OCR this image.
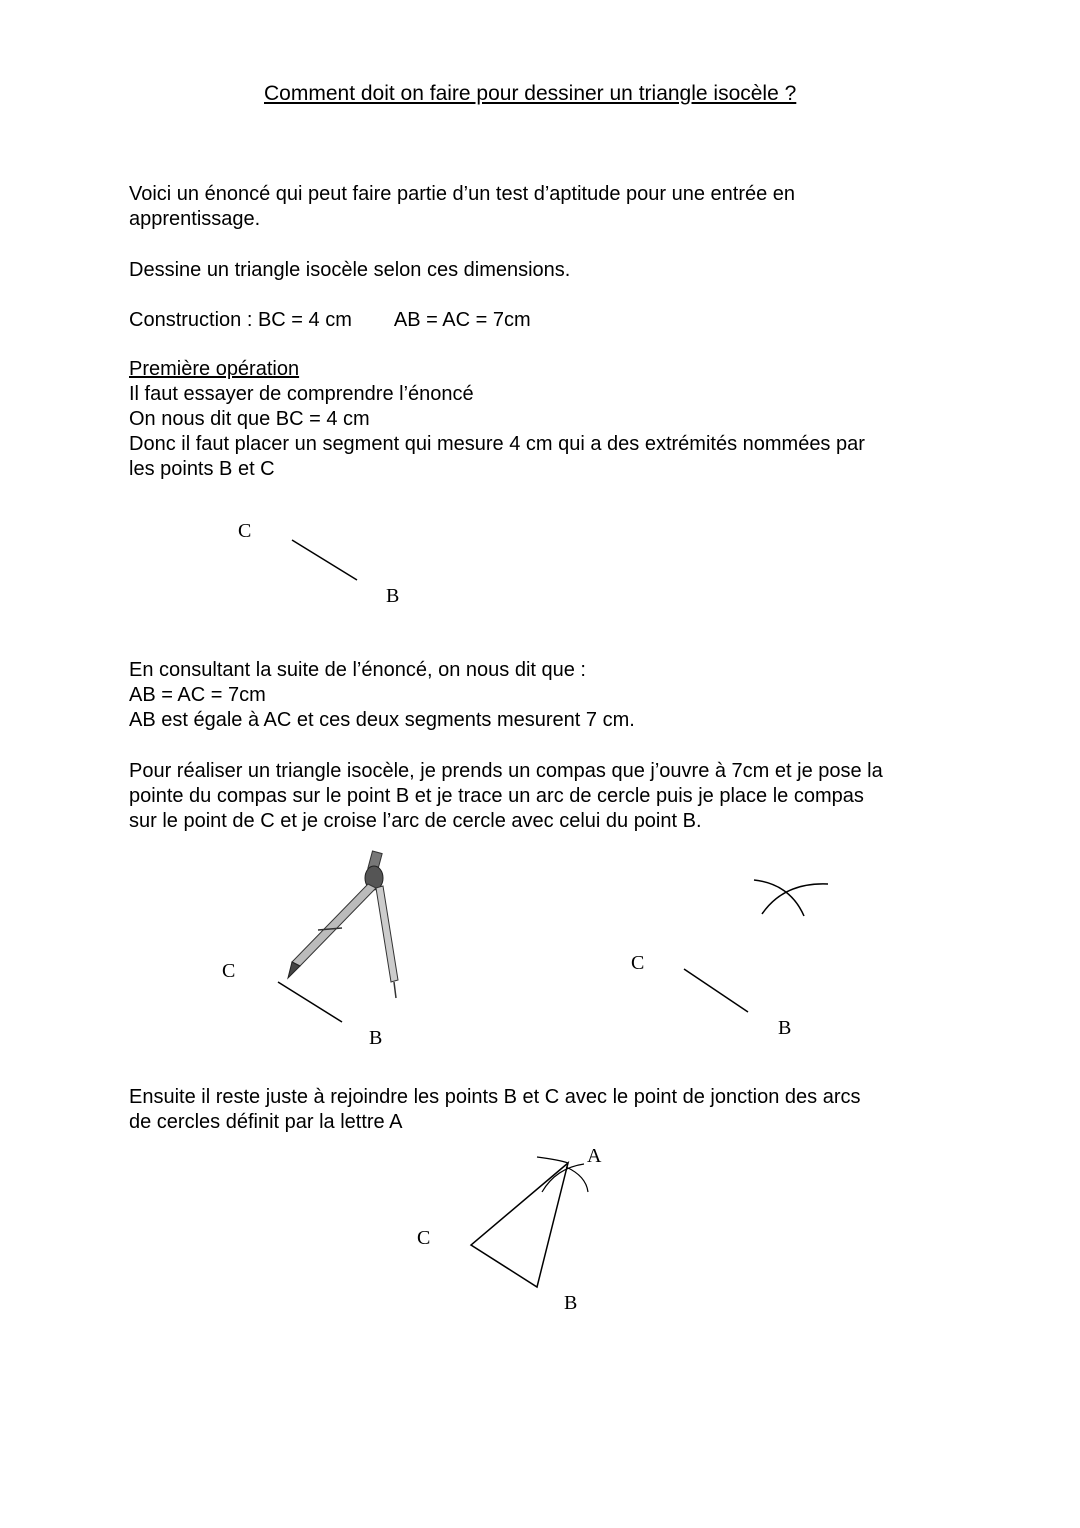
Comment doit on faire pour dessiner un triangle isocèle ?
Voici un énoncé qui peut faire partie d’un test d’aptitude pour une entrée en
apprentissage.
Dessine un triangle isocèle selon ces dimensions.
Construction : BC = 4 cm AB = AC = 7cm
Première opération
Il faut essayer de comprendre l’énoncé
On nous dit que BC = 4 cm
Donc il faut placer un segment qui mesure 4 cm qui a des extrémités nommées par
les points B et C
C
B
En consultant la suite de l’énoncé, on nous dit que :
AB = AC = 7cm
AB est égale à AC et ces deux segments mesurent 7 cm.
Pour réaliser un triangle isocèle, je prends un compas que j’ouvre à 7cm et je pose la
pointe du compas sur le point B et je trace un arc de cercle puis je place le compas
sur le point de C et je croise l’arc de cercle avec celui du point B.
C
B
C
B
Ensuite il reste juste à rejoindre les points B et C avec le point de jonction des arcs
de cercles définit par la lettre A
A
C
B
